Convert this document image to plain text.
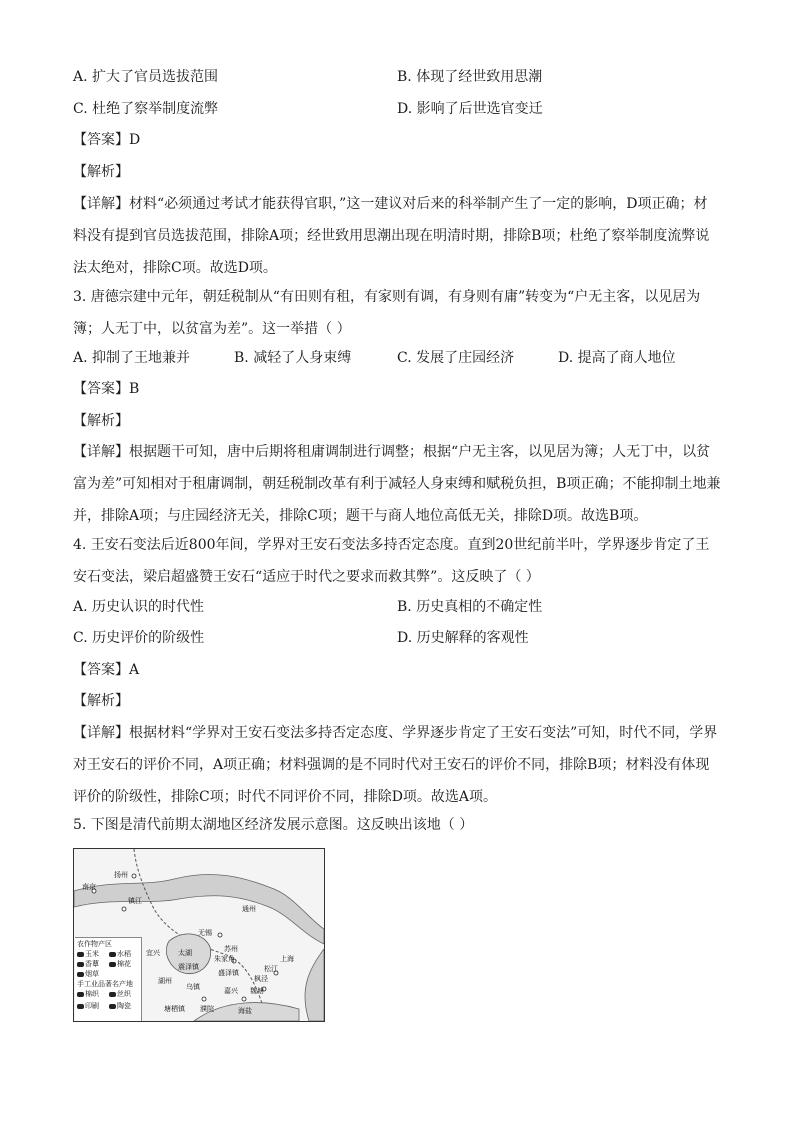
A. 扩大了官员选拔范围	B. 体现了经世致用思潮
C. 杜绝了察举制度流弊	D. 影响了后世选官变迁
【答案】D
【解析】
【详解】材料“必须通过考试才能获得官职，”这一建议对后来的科举制产生了一定的影响，D项正确；材料没有提到官员选拔范围，排除A项；经世致用思潮出现在明清时期，排除B项；杜绝了察举制度流弊说法太绝对，排除C项。故选D项。
3. 唐德宗建中元年，朝廷税制从“有田则有租，有家则有调，有身则有庸”转变为“户无主客，以见居为簿；人无丁中，以贫富为差”。这一举措（ ）
A. 抑制了王地兼并	B. 减轻了人身束缚	C. 发展了庄园经济	D. 提高了商人地位
【答案】B
【解析】
【详解】根据题干可知，唐中后期将租庸调制进行调整；根据“户无主客，以见居为簿；人无丁中，以贫富为差”可知相对于租庸调制，朝廷税制改革有利于减轻人身束缚和赋税负担，B项正确；不能抑制土地兼并，排除A项；与庄园经济无关，排除C项；题干与商人地位高低无关，排除D项。故选B项。
4. 王安石变法后近800年间，学界对王安石变法多持否定态度。直到20世纪前半叶，学界逐步肯定了王安石变法，梁启超盛赞王安石“适应于时代之要求而救其弊”。这反映了（ ）
A. 历史认识的时代性	B. 历史真相的不确定性
C. 历史评价的阶级性	D. 历史解释的客观性
【答案】A
【解析】
【详解】根据材料“学界对王安石变法多持否定态度、学界逐步肯定了王安石变法”可知，时代不同，学界对王安石的评价不同，A项正确；材料强调的是不同时代对王安石的评价不同，排除B项；材料没有体现评价的阶级性，排除C项；时代不同评价不同，排除D项。故选A项。
5. 下图是清代前期太湖地区经济发展示意图。这反映出该地（ ）
扬州
南京
镇江
通州
无锡
宜兴	太湖	苏州
朱家角	上海
震泽镇
盛泽镇	松江
枫泾
湖州
乌镇	嘉兴 魏塘
塘栖镇 濮院	海盐
农作物产区
玉米	水稻
香蕈	棉花
烟草
手工业品著名产地
棉织	丝织
印刷	陶瓷
